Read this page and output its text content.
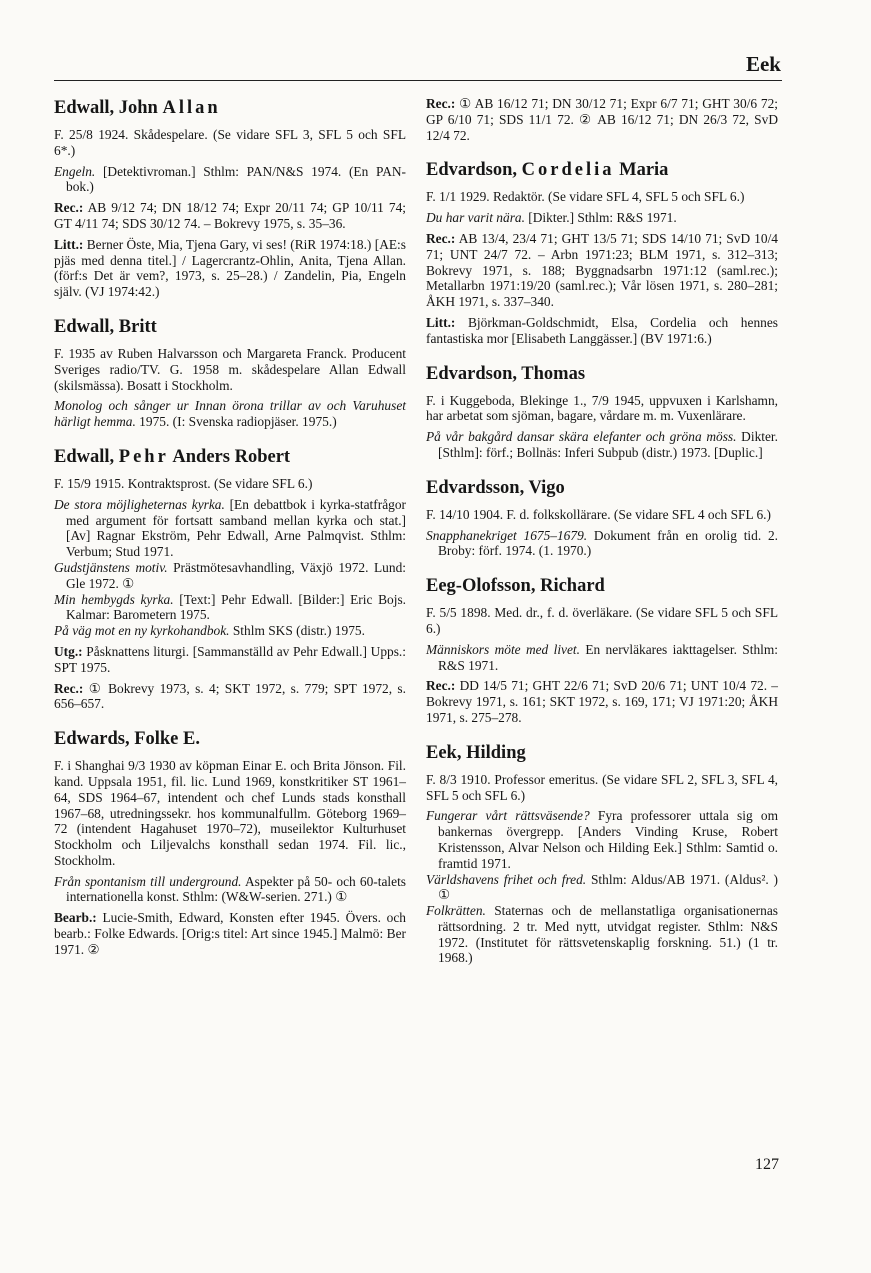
Eek
Edwall, John Allan

F. 25/8 1924. Skådespelare. (Se vidare SFL 3, SFL 5 och SFL 6*.)

Engeln. [Detektivroman.] Sthlm: PAN/N&S 1974. (En PAN-bok.)

Rec.: AB 9/12 74; DN 18/12 74; Expr 20/11 74; GP 10/11 74; GT 4/11 74; SDS 30/12 74. – Bokrevy 1975, s. 35–36.

Litt.: Berner Öste, Mia, Tjena Gary, vi ses! (RiR 1974:18.) [AE:s pjäs med denna titel.] / Lagercrantz-Ohlin, Anita, Tjena Allan. (förf:s Det är vem?, 1973, s. 25–28.) / Zandelin, Pia, Engeln själv. (VJ 1974:42.)

Edwall, Britt

F. 1935 av Ruben Halvarsson och Margareta Franck. Producent Sveriges radio/TV. G. 1958 m. skådespelare Allan Edwall (skilsmässa). Bosatt i Stockholm.

Monolog och sånger ur Innan örona trillar av och Varuhuset härligt hemma. 1975. (I: Svenska radiopjäser. 1975.)

Edwall, Pehr Anders Robert

F. 15/9 1915. Kontraktsprost. (Se vidare SFL 6.)

De stora möjligheternas kyrka. [En debattbok i kyrka-statfrågor med argument för fortsatt samband mellan kyrka och stat.] [Av] Ragnar Ekström, Pehr Edwall, Arne Palmqvist. Sthlm: Verbum; Stud 1971.

Gudstjänstens motiv. Prästmötesavhandling, Växjö 1972. Lund: Gle 1972. ①

Min hembygds kyrka. [Text:] Pehr Edwall. [Bilder:] Eric Bojs. Kalmar: Barometern 1975.

På väg mot en ny kyrkohandbok. Sthlm SKS (distr.) 1975.

Utg.: Påsknattens liturgi. [Sammanställd av Pehr Edwall.] Upps.: SPT 1975.

Rec.: ① Bokrevy 1973, s. 4; SKT 1972, s. 779; SPT 1972, s. 656–657.

Edwards, Folke E.

F. i Shanghai 9/3 1930 av köpman Einar E. och Brita Jönson. Fil. kand. Uppsala 1951, fil. lic. Lund 1969, konstkritiker ST 1961–64, SDS 1964–67, intendent och chef Lunds stads konsthall 1967–68, utredningssekr. hos kommunalfullm. Göteborg 1969–72 (intendent Hagahuset 1970–72), museilektor Kulturhuset Stockholm och Liljevalchs konsthall sedan 1974. Fil. lic., Stockholm.

Från spontanism till underground. Aspekter på 50- och 60-talets internationella konst. Sthlm: (W&W-serien. 271.) ①

Bearb.: Lucie-Smith, Edward, Konsten efter 1945. Övers. och bearb.: Folke Edwards. [Orig:s titel: Art since 1945.] Malmö: Ber 1971. ②

Rec.: ① AB 16/12 71; DN 30/12 71; Expr 6/7 71; GHT 30/6 72; GP 6/10 71; SDS 11/1 72. ② AB 16/12 71; DN 26/3 72, SvD 12/4 72.

Edvardson, Cordelia Maria

F. 1/1 1929. Redaktör. (Se vidare SFL 4, SFL 5 och SFL 6.)

Du har varit nära. [Dikter.] Sthlm: R&S 1971.

Rec.: AB 13/4, 23/4 71; GHT 13/5 71; SDS 14/10 71; SvD 10/4 71; UNT 24/7 72. – Arbn 1971:23; BLM 1971, s. 312–313; Bokrevy 1971, s. 188; Byggnadsarbn 1971:12 (saml.rec.); Metallarbn 1971:19/20 (saml.rec.); Vår lösen 1971, s. 280–281; ÅKH 1971, s. 337–340.

Litt.: Björkman-Goldschmidt, Elsa, Cordelia och hennes fantastiska mor [Elisabeth Langgässer.] (BV 1971:6.)

Edvardson, Thomas

F. i Kuggeboda, Blekinge 1., 7/9 1945, uppvuxen i Karlshamn, har arbetat som sjöman, bagare, vårdare m. m. Vuxenlärare.

På vår bakgård dansar skära elefanter och gröna möss. Dikter. [Sthlm]: förf.; Bollnäs: Inferi Subpub (distr.) 1973. [Duplic.]

Edvardsson, Vigo

F. 14/10 1904. F. d. folkskollärare. (Se vidare SFL 4 och SFL 6.)

Snapphanekriget 1675–1679. Dokument från en orolig tid. 2. Broby: förf. 1974. (1. 1970.)

Eeg-Olofsson, Richard

F. 5/5 1898. Med. dr., f. d. överläkare. (Se vidare SFL 5 och SFL 6.)

Människors möte med livet. En nervläkares iakttagelser. Sthlm: R&S 1971.

Rec.: DD 14/5 71; GHT 22/6 71; SvD 20/6 71; UNT 10/4 72. – Bokrevy 1971, s. 161; SKT 1972, s. 169, 171; VJ 1971:20; ÅKH 1971, s. 275–278.

Eek, Hilding

F. 8/3 1910. Professor emeritus. (Se vidare SFL 2, SFL 3, SFL 4, SFL 5 och SFL 6.)

Fungerar vårt rättsväsende? Fyra professorer uttala sig om bankernas övergrepp. [Anders Vinding Kruse, Robert Kristensson, Alvar Nelson och Hilding Eek.] Sthlm: Samtid o. framtid 1971.

Världshavens frihet och fred. Sthlm: Aldus/AB 1971. (Aldus². ) ①

Folkrätten. Staternas och de mellanstatliga organisationernas rättsordning. 2 tr. Med nytt, utvidgat register. Sthlm: N&S 1972. (Institutet för rättsvetenskaplig forskning. 51.) (1 tr. 1968.)

127
